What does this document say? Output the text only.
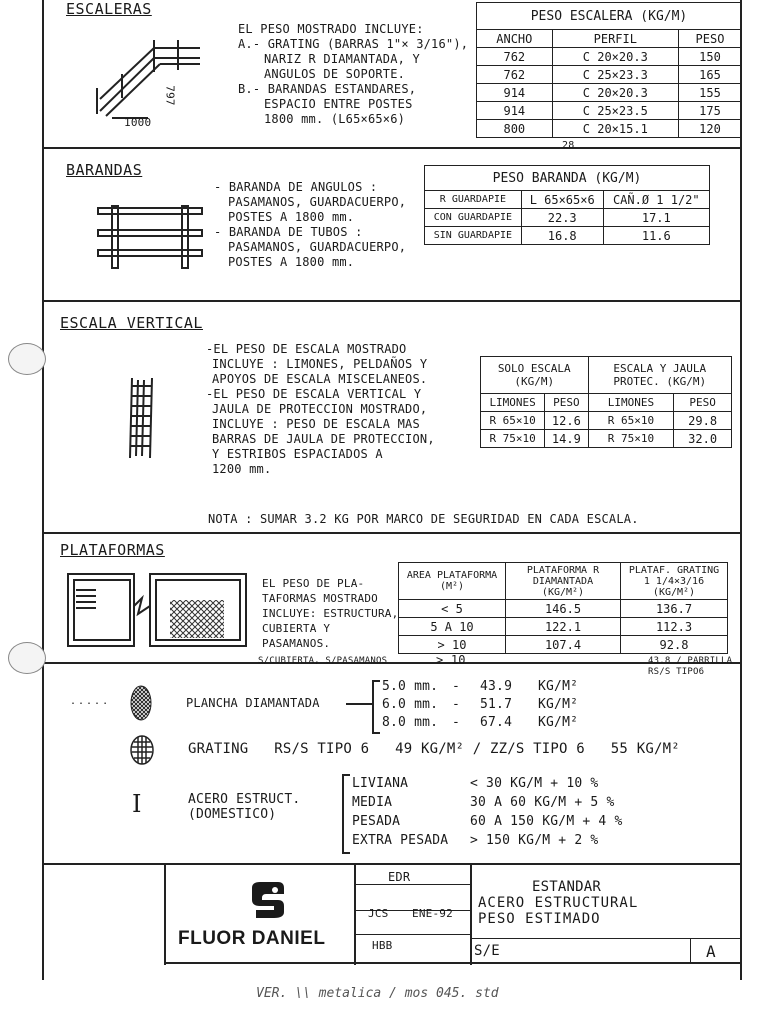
ESCALERAS
797
1000
EL PESO MOSTRADO INCLUYE:
A.- GRATING (BARRAS 1"× 3/16"),
NARIZ R DIAMANTADA, Y
ANGULOS DE SOPORTE.
B.- BARANDAS ESTANDARES,
ESPACIO ENTRE POSTES
1800 mm. (L65×65×6)
PESO ESCALERA (KG/M)		
ANCHO	PERFIL	PESO
762	C 20×20.3	150
762	C 25×23.3	165
914	C 20×20.3	155
914	C 25×23.5	175
800	C 20×15.1	120
28
BARANDAS
- BARANDA DE ANGULOS :
PASAMANOS, GUARDACUERPO,
POSTES A 1800 mm.
- BARANDA DE TUBOS :
PASAMANOS, GUARDACUERPO,
POSTES A 1800 mm.
PESO BARANDA (KG/M)		
R GUARDAPIE	L 65×65×6	CAÑ.Ø 1 1/2"
CON GUARDAPIE	22.3	17.1
SIN GUARDAPIE	16.8	11.6
ESCALA VERTICAL
-EL PESO DE ESCALA MOSTRADO
INCLUYE : LIMONES, PELDAÑOS Y
APOYOS DE ESCALA MISCELANEOS.
-EL PESO DE ESCALA VERTICAL Y
JAULA DE PROTECCION MOSTRADO,
INCLUYE : PESO DE ESCALA MAS
BARRAS DE JAULA DE PROTECCION,
Y ESTRIBOS ESPACIADOS A
1200 mm.
SOLO ESCALA (KG/M)		ESCALA Y JAULA PROTEC. (KG/M)	
LIMONES	PESO	LIMONES	PESO
R 65×10	12.6	R 65×10	29.8
R 75×10	14.9	R 75×10	32.0
NOTA : SUMAR 3.2 KG POR MARCO DE SEGURIDAD EN CADA ESCALA.
PLATAFORMAS
EL PESO DE PLA-
TAFORMAS MOSTRADO
INCLUYE: ESTRUCTURA,
CUBIERTA Y PASAMANOS.
S/CUBIERTA, S/PASAMANOS
AREA PLATAFORMA (M²)	PLATAFORMA R DIAMANTADA (KG/M²)	PLATAF. GRATING 1 1/4×3/16 (KG/M²)
< 5	146.5	136.7
5 A 10	122.1	112.3
> 10	107.4	92.8
> 10	43.8 / PARRILLA RS/S TIPO6
.....	PLANCHA DIAMANTADA
5.0 mm. - 43.9 KG/M²
6.0 mm. - 51.7 KG/M²
8.0 mm. - 67.4 KG/M²
GRATING   RS/S TIPO 6   49 KG/M² / ZZ/S TIPO 6   55 KG/M²
I	ACERO ESTRUCT.
(DOMESTICO)
LIVIANA	< 30 KG/M + 10 %
MEDIA	30 A 60 KG/M + 5 %
PESADA	60 A 150 KG/M + 4 %
EXTRA PESADA > 150 KG/M + 2 %
FLUOR DANIEL
EDR
JCS ENE-92
HBB	S/E
ESTANDAR
ACERO ESTRUCTURAL
PESO ESTIMADO
A
VER. \\ metalica / mos 045. std
